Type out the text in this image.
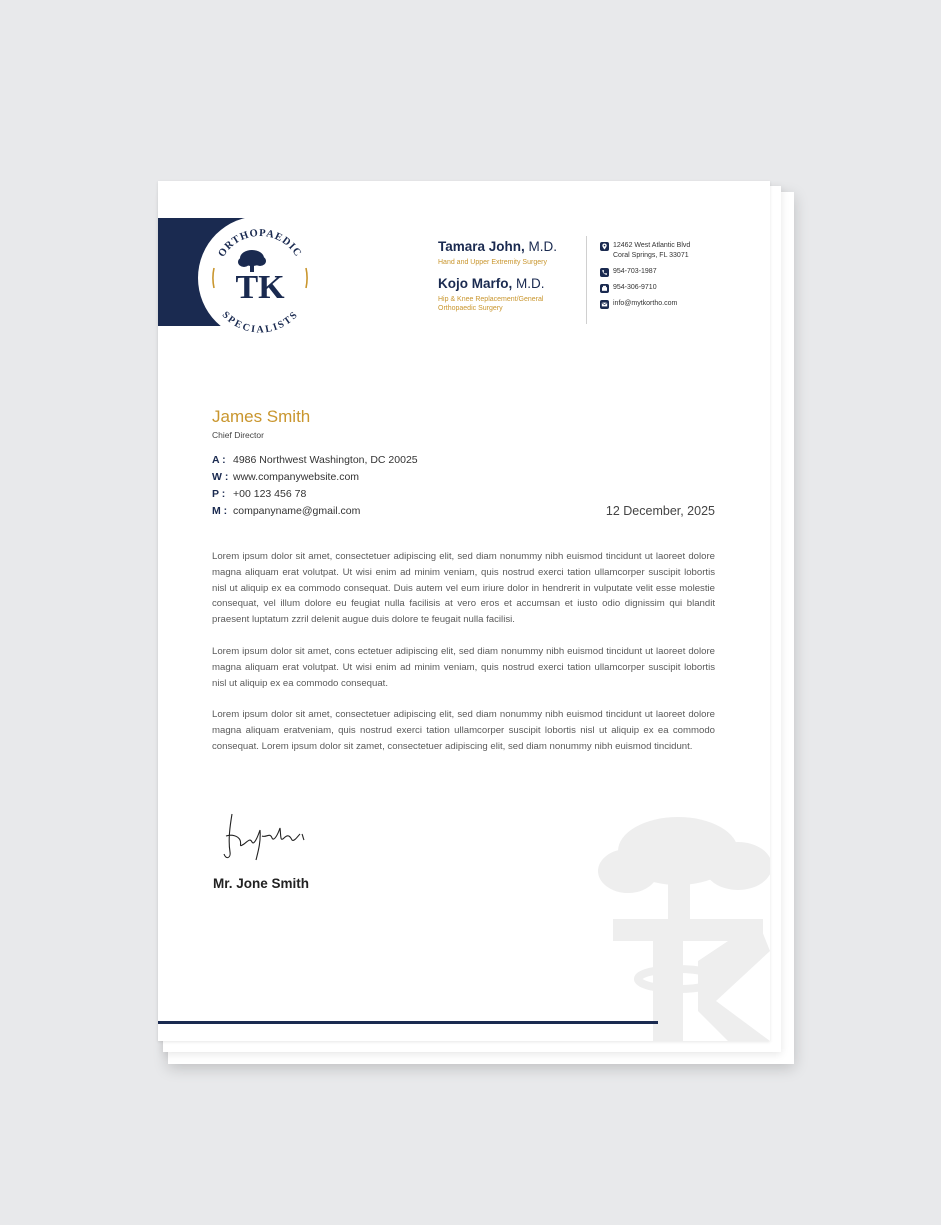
ORTHOPAEDIC
SPECIALISTS
TK
Tamara John, M.D.
Hand and Upper Extremity Surgery
Kojo Marfo, M.D.
Hip & Knee Replacement/General
Orthopaedic Surgery
12462 West Atlantic Blvd
Coral Springs, FL 33071
954-703-1987
954-306-9710
info@mytkortho.com
James Smith
Chief Director
A : 4986 Northwest Washington, DC 20025
W : www.companywebsite.com
P : +00 123 456 78
M : companyname@gmail.com	12 December, 2025

Lorem ipsum dolor sit amet, consectetuer adipiscing elit, sed diam nonummy nibh euismod tincidunt ut laoreet dolore magna aliquam erat volutpat. Ut wisi enim ad minim veniam, quis nostrud exerci tation ullamcorper suscipit lobortis nisl ut aliquip ex ea commodo consequat. Duis autem vel eum iriure dolor in hendrerit in vulputate velit esse molestie consequat, vel illum dolore eu feugiat nulla facilisis at vero eros et accumsan et iusto odio dignissim qui blandit praesent luptatum zzril delenit augue duis dolore te feugait nulla facilisi.

Lorem ipsum dolor sit amet, cons ectetuer adipiscing elit, sed diam nonummy nibh euismod tincidunt ut laoreet dolore magna aliquam erat volutpat. Ut wisi enim ad minim veniam, quis nostrud exerci tation ullamcorper suscipit lobortis nisl ut aliquip ex ea commodo consequat.

Lorem ipsum dolor sit amet, consectetuer adipiscing elit, sed diam nonummy nibh euismod tincidunt ut laoreet dolore magna aliquam eratveniam, quis nostrud exerci tation ullamcorper suscipit lobortis nisl ut aliquip ex ea commodo consequat. Lorem ipsum dolor sit zamet, consectetuer adipiscing elit, sed diam nonummy nibh euismod tincidunt.

Mr. Jone Smith
